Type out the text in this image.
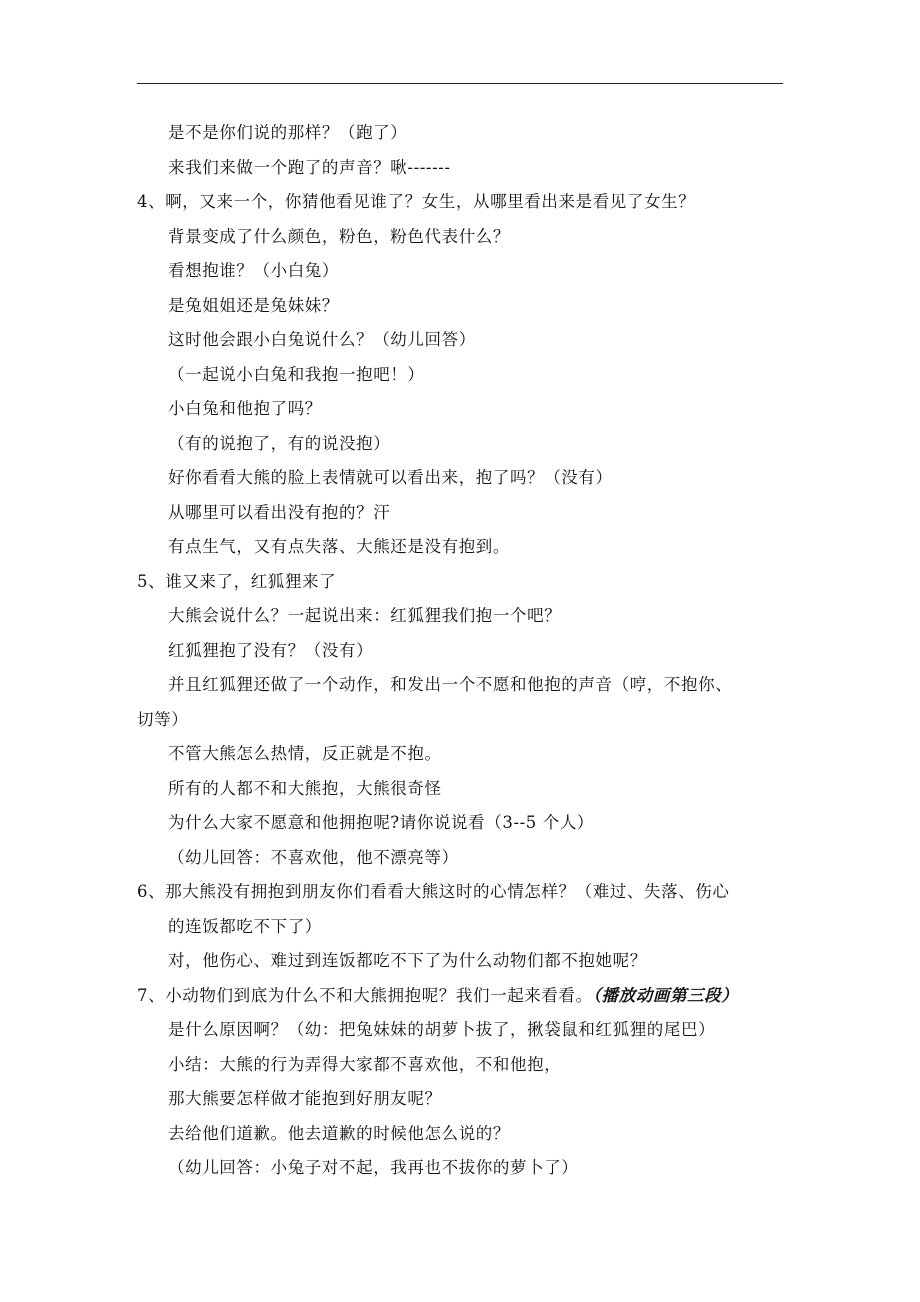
是不是你们说的那样？（跑了）
来我们来做一个跑了的声音？啾-------
4、啊，又来一个，你猜他看见谁了？女生，从哪里看出来是看见了女生？
背景变成了什么颜色，粉色，粉色代表什么？
看想抱谁？（小白兔）
是兔姐姐还是兔妹妹？
这时他会跟小白兔说什么？（幼儿回答）
（一起说小白兔和我抱一抱吧！）
小白兔和他抱了吗？
（有的说抱了，有的说没抱）
好你看看大熊的脸上表情就可以看出来，抱了吗？（没有）
从哪里可以看出没有抱的？汗
有点生气，又有点失落、大熊还是没有抱到。
5、谁又来了，红狐狸来了
大熊会说什么？一起说出来：红狐狸我们抱一个吧？
红狐狸抱了没有？（没有）
并且红狐狸还做了一个动作，和发出一个不愿和他抱的声音（哼，不抱你、
切等）
不管大熊怎么热情，反正就是不抱。
所有的人都不和大熊抱，大熊很奇怪
为什么大家不愿意和他拥抱呢?请你说说看（3--5 个人）
（幼儿回答：不喜欢他，他不漂亮等）
6、那大熊没有拥抱到朋友你们看看大熊这时的心情怎样？（难过、失落、伤心
的连饭都吃不下了）
对，他伤心、难过到连饭都吃不下了为什么动物们都不抱她呢？
7、小动物们到底为什么不和大熊拥抱呢？我们一起来看看。（播放动画第三段）
是什么原因啊？（幼：把兔妹妹的胡萝卜拔了，揪袋鼠和红狐狸的尾巴）
小结：大熊的行为弄得大家都不喜欢他，不和他抱，
那大熊要怎样做才能抱到好朋友呢？
去给他们道歉。他去道歉的时候他怎么说的？
（幼儿回答：小兔子对不起，我再也不拔你的萝卜了）
